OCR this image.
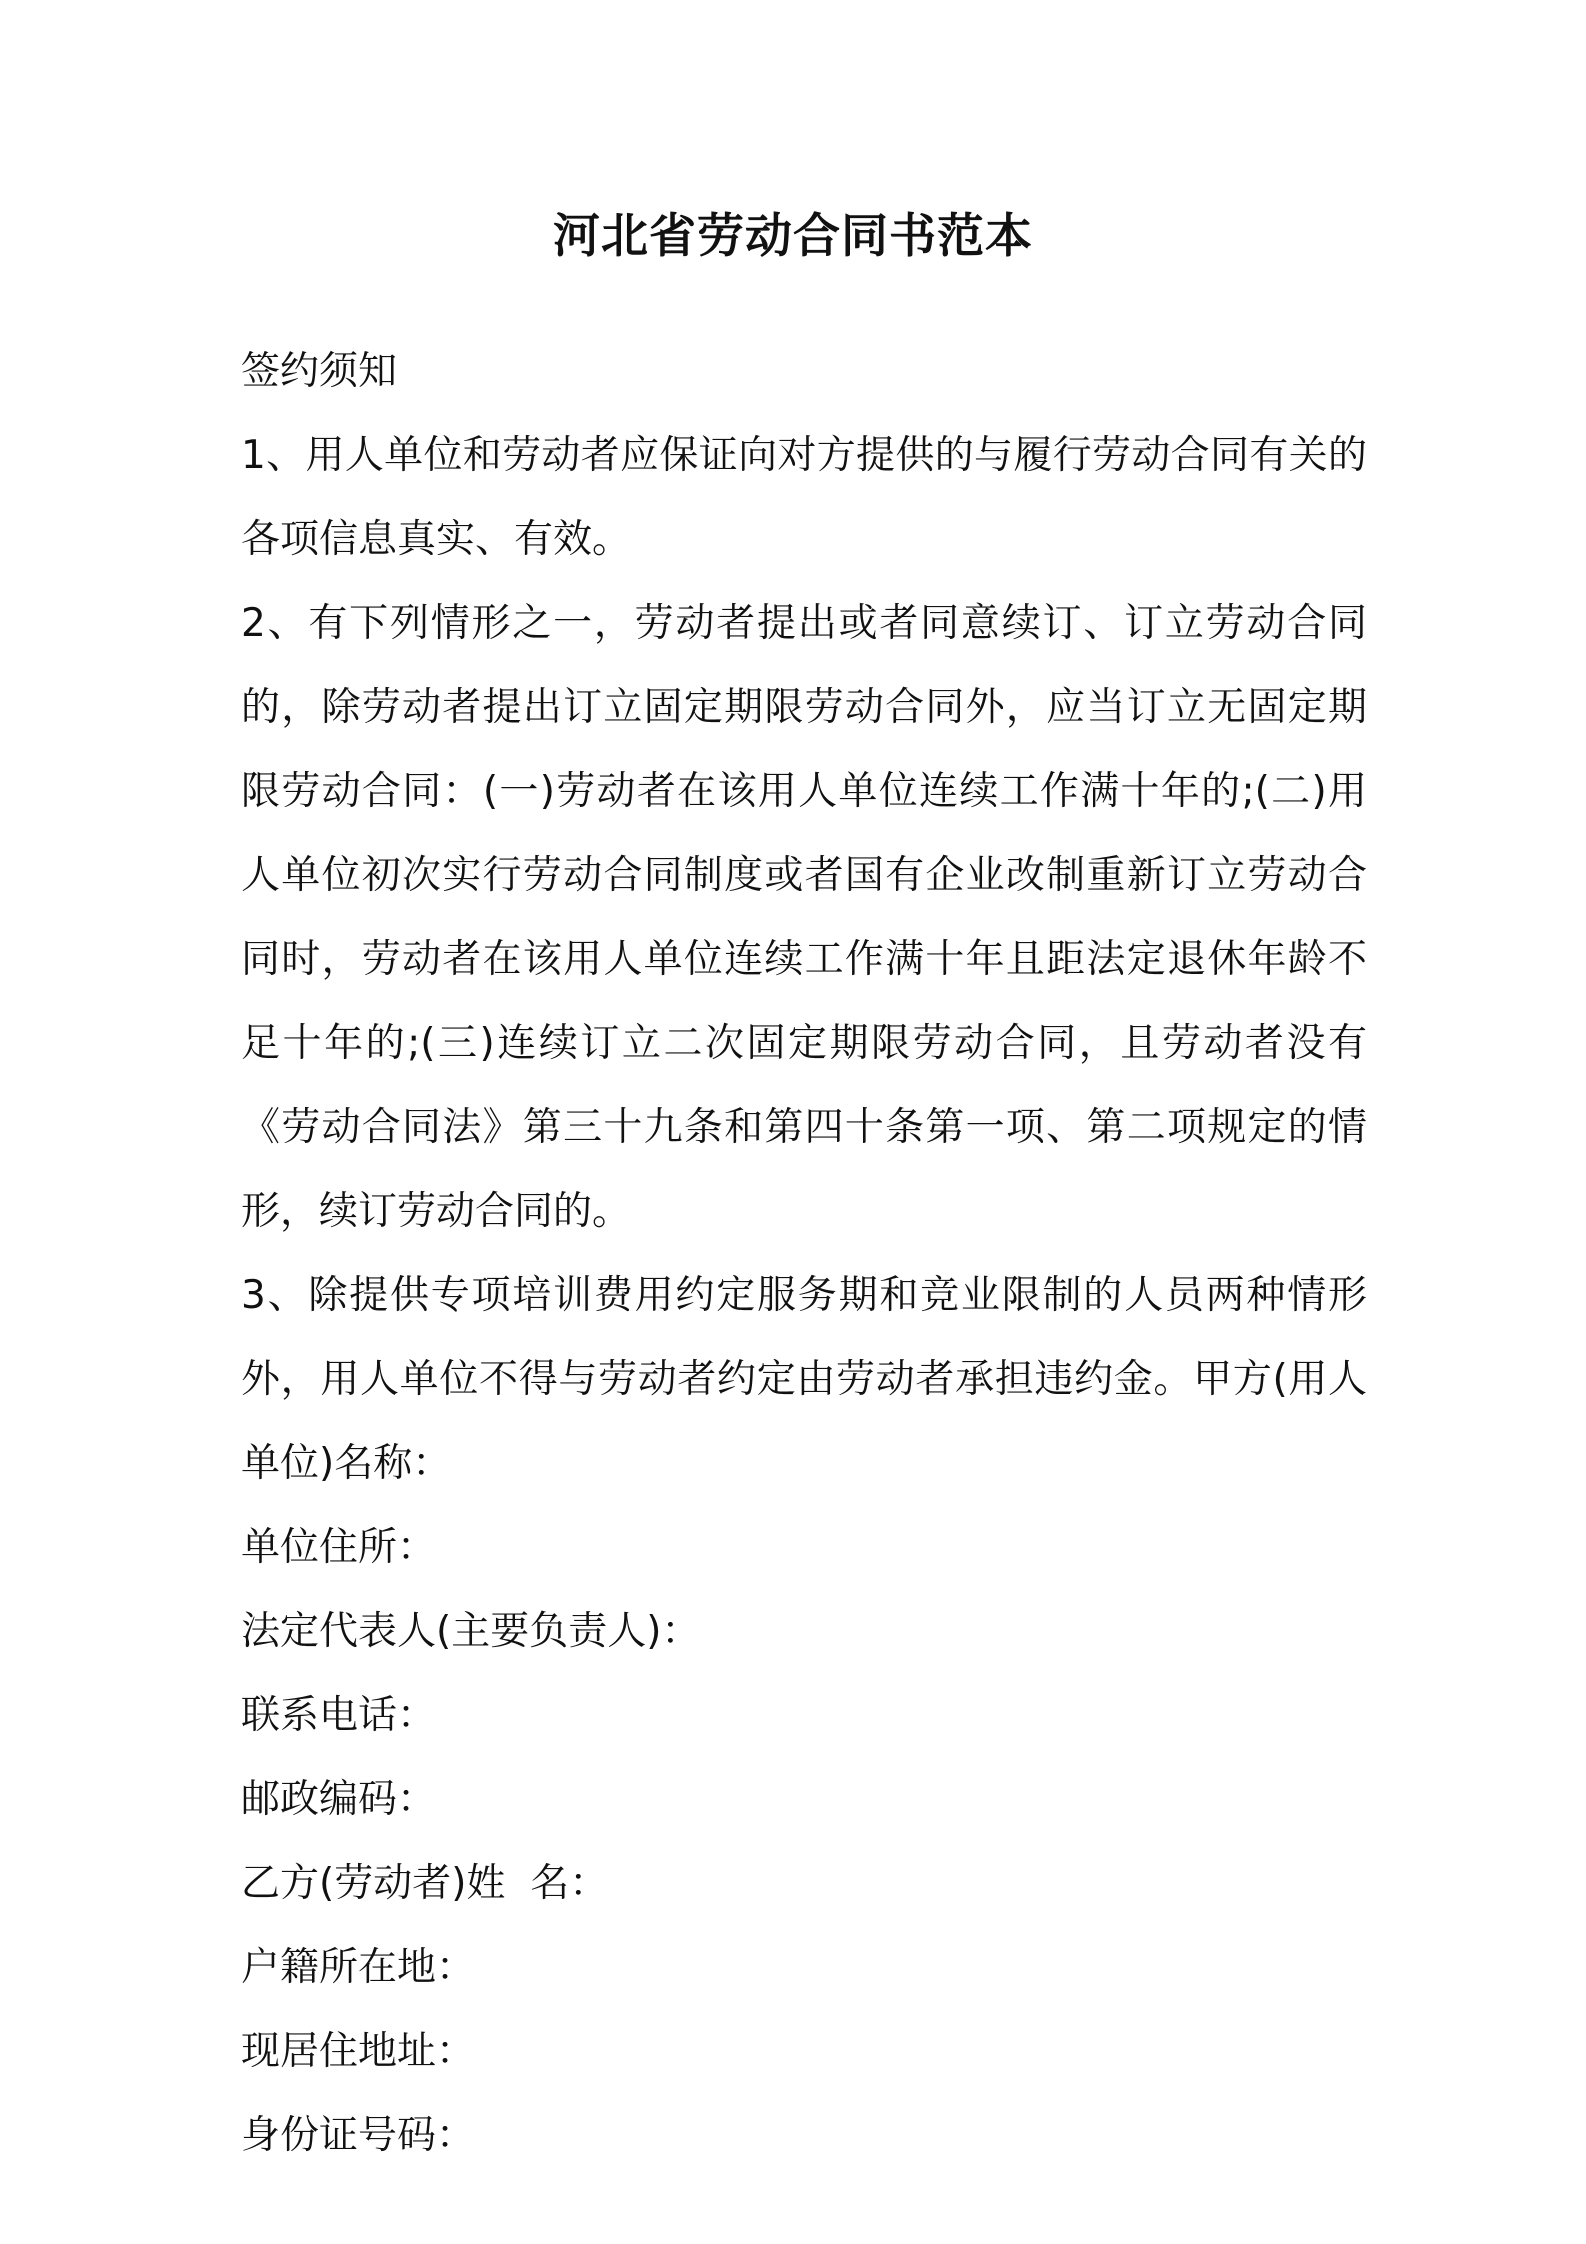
河北省劳动合同书范本

签约须知

1、用人单位和劳动者应保证向对方提供的与履行劳动合同有关的各项信息真实、有效。

2、有下列情形之一，劳动者提出或者同意续订、订立劳动合同的，除劳动者提出订立固定期限劳动合同外，应当订立无固定期限劳动合同：(一)劳动者在该用人单位连续工作满十年的;(二)用人单位初次实行劳动合同制度或者国有企业改制重新订立劳动合同时，劳动者在该用人单位连续工作满十年且距法定退休年龄不足十年的;(三)连续订立二次固定期限劳动合同，且劳动者没有《劳动合同法》第三十九条和第四十条第一项、第二项规定的情形，续订劳动合同的。

3、除提供专项培训费用约定服务期和竞业限制的人员两种情形外，用人单位不得与劳动者约定由劳动者承担违约金。甲方(用人单位)名称：

单位住所：

法定代表人(主要负责人)：

联系电话：

邮政编码：

乙方(劳动者)姓  名：

户籍所在地：

现居住地址：

身份证号码：
